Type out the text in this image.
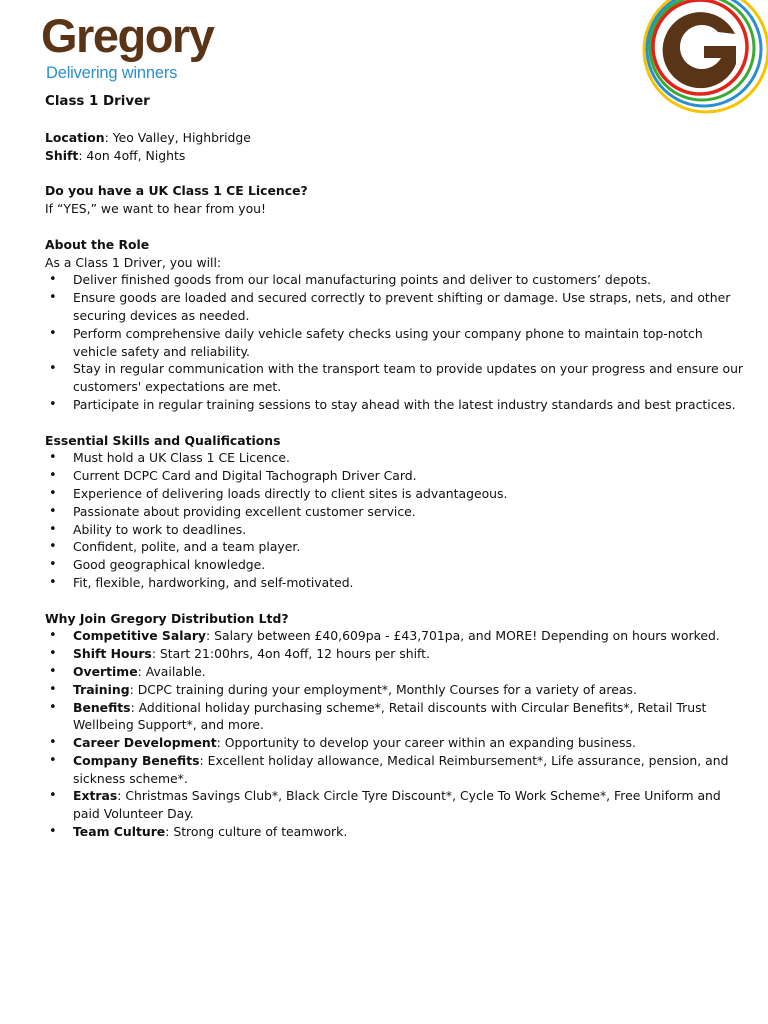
Gregory
Delivering winners

Class 1 Driver

Location: Yeo Valley, Highbridge

Shift: 4on 4off, Nights

Do you have a UK Class 1 CE Licence?

If “YES,” we want to hear from you!

About the Role

As a Class 1 Driver, you will:

• Deliver finished goods from our local manufacturing points and deliver to customers’ depots.
• Ensure goods are loaded and secured correctly to prevent shifting or damage. Use straps, nets, and other securing devices as needed.
• Perform comprehensive daily vehicle safety checks using your company phone to maintain top-notch vehicle safety and reliability.
• Stay in regular communication with the transport team to provide updates on your progress and ensure our customers' expectations are met.
• Participate in regular training sessions to stay ahead with the latest industry standards and best practices.

Essential Skills and Qualifications

• Must hold a UK Class 1 CE Licence.
• Current DCPC Card and Digital Tachograph Driver Card.
• Experience of delivering loads directly to client sites is advantageous.
• Passionate about providing excellent customer service.
• Ability to work to deadlines.
• Confident, polite, and a team player.
• Good geographical knowledge.
• Fit, flexible, hardworking, and self-motivated.

Why Join Gregory Distribution Ltd?

• Competitive Salary: Salary between £40,609pa - £43,701pa, and MORE! Depending on hours worked.
• Shift Hours: Start 21:00hrs, 4on 4off, 12 hours per shift.
• Overtime: Available.
• Training: DCPC training during your employment*, Monthly Courses for a variety of areas.
• Benefits: Additional holiday purchasing scheme*, Retail discounts with Circular Benefits*, Retail Trust Wellbeing Support*, and more.
• Career Development: Opportunity to develop your career within an expanding business.
• Company Benefits: Excellent holiday allowance, Medical Reimbursement*, Life assurance, pension, and sickness scheme*.
• Extras: Christmas Savings Club*, Black Circle Tyre Discount*, Cycle To Work Scheme*, Free Uniform and paid Volunteer Day.
• Team Culture: Strong culture of teamwork.
